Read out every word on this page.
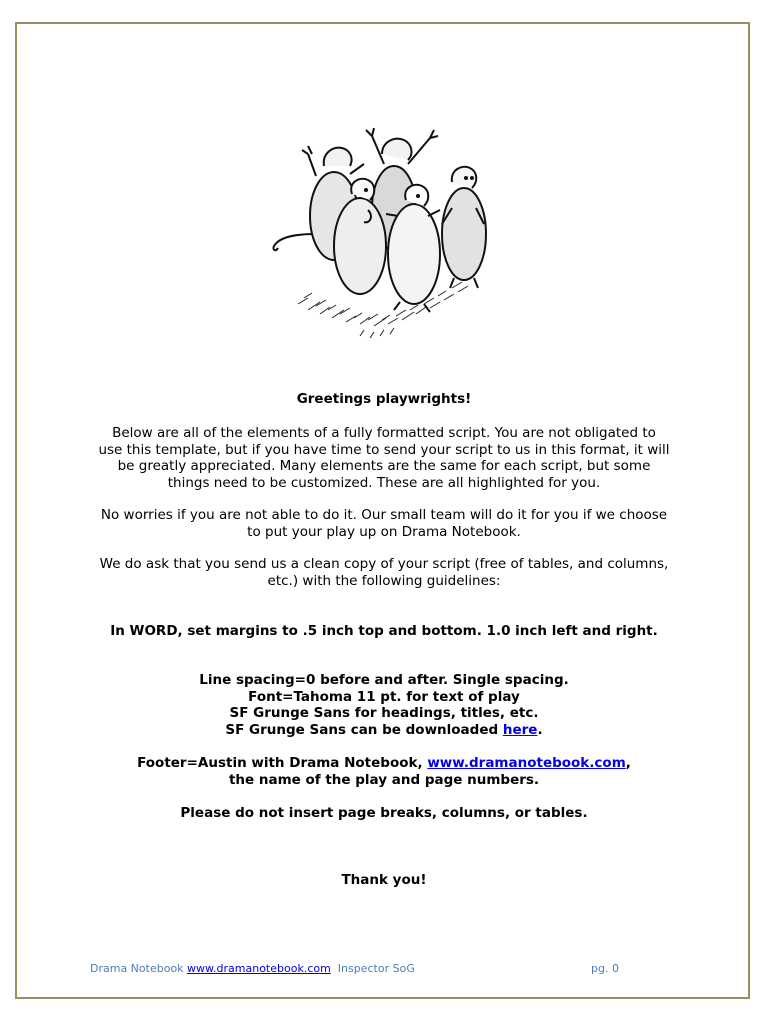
Greetings playwrights!
Below are all of the elements of a fully formatted script. You are not obligated to
use this template, but if you have time to send your script to us in this format, it will
be greatly appreciated. Many elements are the same for each script, but some
things need to be customized. These are all highlighted for you.
No worries if you are not able to do it. Our small team will do it for you if we choose
to put your play up on Drama Notebook.
We do ask that you send us a clean copy of your script (free of tables, and columns,
etc.) with the following guidelines:
In WORD, set margins to .5 inch top and bottom. 1.0 inch left and right.
Line spacing=0 before and after. Single spacing.
Font=Tahoma 11 pt. for text of play
SF Grunge Sans for headings, titles, etc.
SF Grunge Sans can be downloaded here.
Footer=Austin with Drama Notebook, www.dramanotebook.com,
the name of the play and page numbers.
Please do not insert page breaks, columns, or tables.
Thank you!
Drama Notebook www.dramanotebook.com  Inspector SoG	pg. 0
